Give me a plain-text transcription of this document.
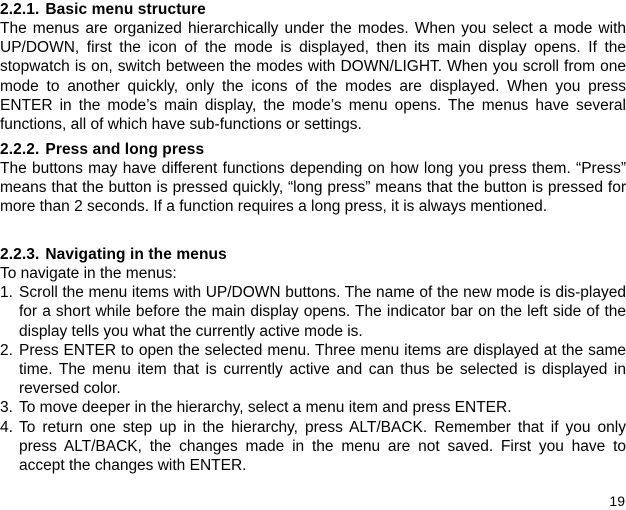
2.2.1. Basic menu structure
The menus are organized hierarchically under the modes. When you select a mode with UP/DOWN, first the icon of the mode is displayed, then its main display opens. If the stopwatch is on, switch between the modes with DOWN/LIGHT. When you scroll from one mode to another quickly, only the icons of the modes are displayed. When you press ENTER in the mode’s main display, the mode’s menu opens. The menus have several functions, all of which have sub-functions or settings.
2.2.2. Press and long press
The buttons may have different functions depending on how long you press them. “Press” means that the button is pressed quickly, “long press” means that the button is pressed for more than 2 seconds. If a function requires a long press, it is always mentioned.
2.2.3. Navigating in the menus
To navigate in the menus:
1. Scroll the menu items with UP/DOWN buttons. The name of the new mode is dis-played for a short while before the main display opens. The indicator bar on the left side of the display tells you what the currently active mode is.
2. Press ENTER to open the selected menu. Three menu items are displayed at the same time. The menu item that is currently active and can thus be selected is displayed in reversed color.
3. To move deeper in the hierarchy, select a menu item and press ENTER.
4. To return one step up in the hierarchy, press ALT/BACK. Remember that if you only press ALT/BACK, the changes made in the menu are not saved. First you have to accept the changes with ENTER.
19
